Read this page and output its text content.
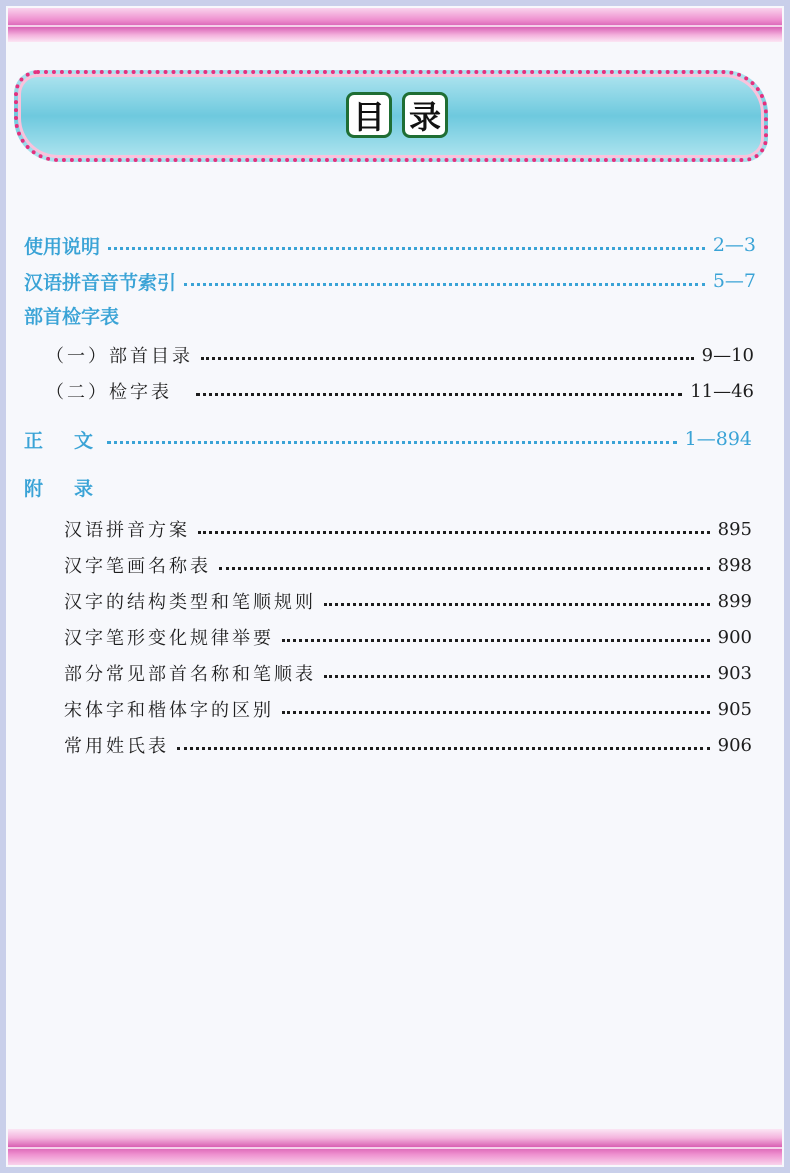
目 录
使用说明	2—3
汉语拼音音节索引	5—7
部首检字表
（一）部首目录	9—10
（二）检字表	11—46
正　文	1—894
附　录
汉语拼音方案	895
汉字笔画名称表	898
汉字的结构类型和笔顺规则	899
汉字笔形变化规律举要	900
部分常见部首名称和笔顺表	903
宋体字和楷体字的区别	905
常用姓氏表	906
